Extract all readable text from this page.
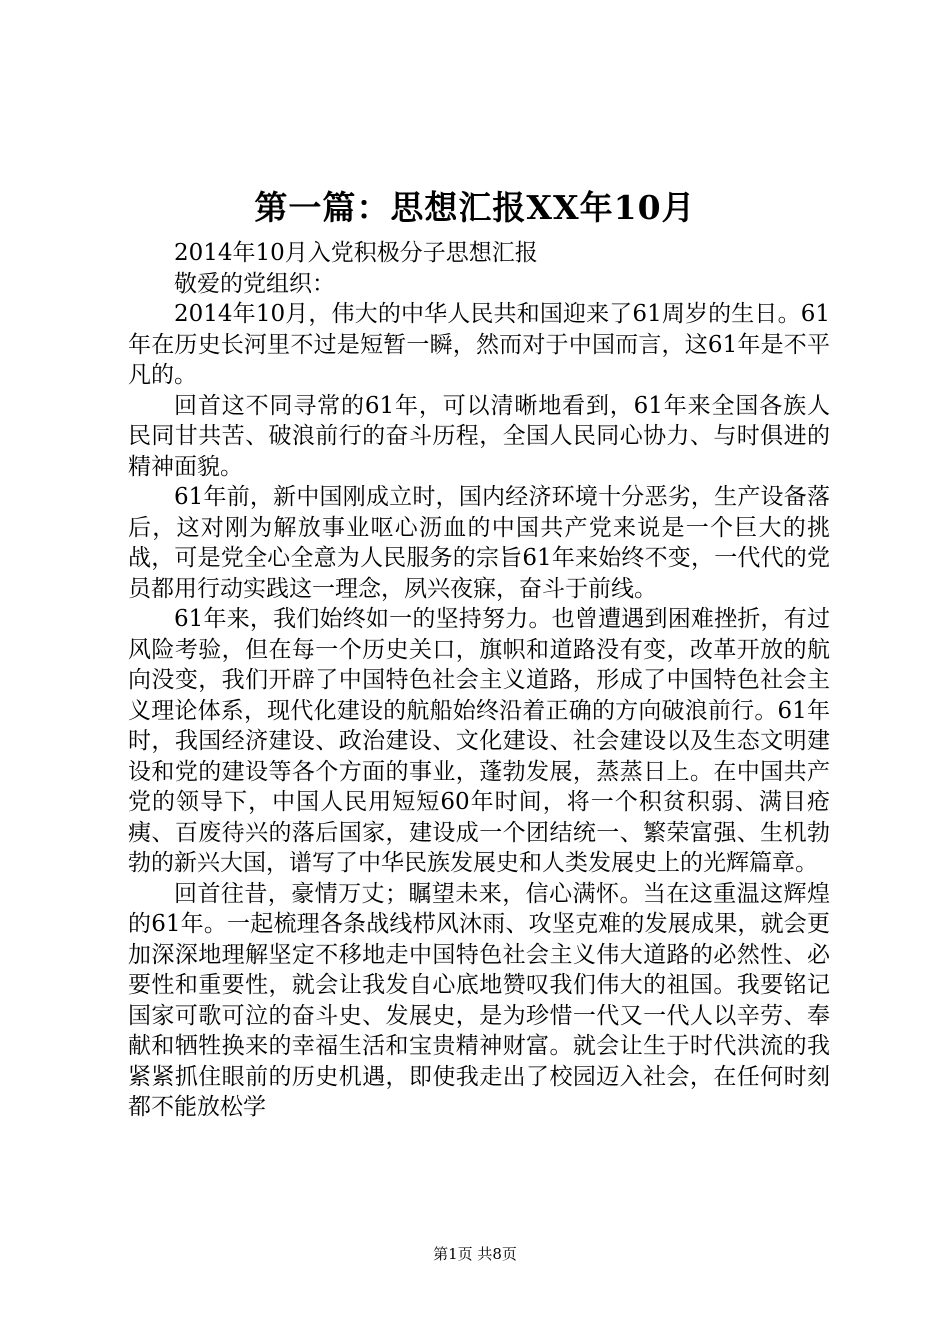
第一篇：思想汇报XX年10月

2014年10月入党积极分子思想汇报

敬爱的党组织：

2014年10月，伟大的中华人民共和国迎来了61周岁的生日。61年在历史长河里不过是短暂一瞬，然而对于中国而言，这61年是不平凡的。

回首这不同寻常的61年，可以清晰地看到，61年来全国各族人民同甘共苦、破浪前行的奋斗历程，全国人民同心协力、与时俱进的精神面貌。

61年前，新中国刚成立时，国内经济环境十分恶劣，生产设备落后，这对刚为解放事业呕心沥血的中国共产党来说是一个巨大的挑战，可是党全心全意为人民服务的宗旨61年来始终不变，一代代的党员都用行动实践这一理念，夙兴夜寐，奋斗于前线。

61年来，我们始终如一的坚持努力。也曾遭遇到困难挫折，有过风险考验，但在每一个历史关口，旗帜和道路没有变，改革开放的航向没变，我们开辟了中国特色社会主义道路，形成了中国特色社会主义理论体系，现代化建设的航船始终沿着正确的方向破浪前行。61年时，我国经济建设、政治建设、文化建设、社会建设以及生态文明建设和党的建设等各个方面的事业，蓬勃发展，蒸蒸日上。在中国共产党的领导下，中国人民用短短60年时间，将一个积贫积弱、满目疮痍、百废待兴的落后国家，建设成一个团结统一、繁荣富强、生机勃勃的新兴大国，谱写了中华民族发展史和人类发展史上的光辉篇章。

回首往昔，豪情万丈；瞩望未来，信心满怀。当在这重温这辉煌的61年。一起梳理各条战线栉风沐雨、攻坚克难的发展成果，就会更加深深地理解坚定不移地走中国特色社会主义伟大道路的必然性、必要性和重要性，就会让我发自心底地赞叹我们伟大的祖国。我要铭记国家可歌可泣的奋斗史、发展史，是为珍惜一代又一代人以辛劳、奉献和牺牲换来的幸福生活和宝贵精神财富。就会让生于时代洪流的我紧紧抓住眼前的历史机遇，即使我走出了校园迈入社会，在任何时刻都不能放松学

第1页 共8页
